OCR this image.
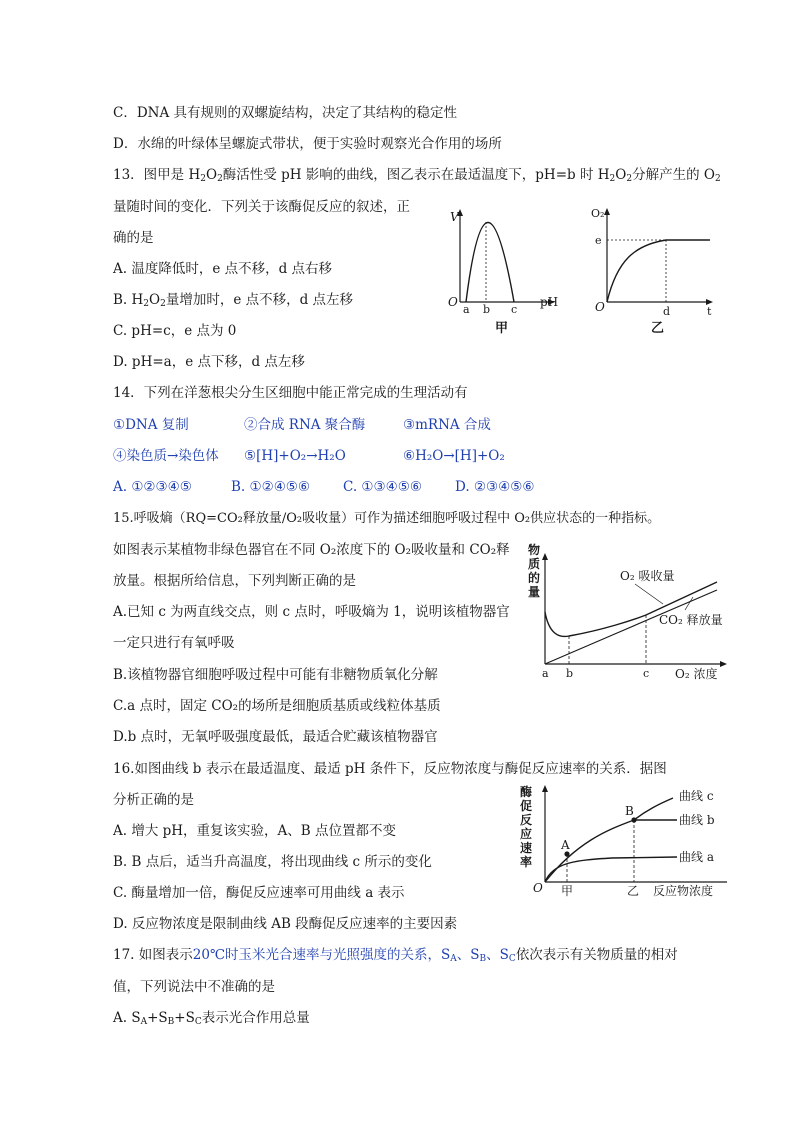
C．DNA 具有规则的双螺旋结构，决定了其结构的稳定性
D．水绵的叶绿体呈螺旋式带状，便于实验时观察光合作用的场所
13．图甲是 $H_2O_2$酶活性受 pH 影响的曲线，图乙表示在最适温度下，pH=b 时 $H_2O_2$分解产生的 $O_2$
量随时间的变化．下列关于该酶促反应的叙述，正
确的是
A. 温度降低时，e 点不移，d 点右移
B. $H_2O_2$量增加时，e 点不移，d 点左移
C. pH=c，e 点为 0
D. pH=a，e 点下移，d 点左移
V
O
a b c
pH
甲
O₂
e
O	d	t
乙
14．下列在洋葱根尖分生区细胞中能正常完成的生理活动有
①DNA 复制	②合成 RNA 聚合酶	③mRNA 合成
④染色质→染色体 ⑤[H]+O₂→H₂O	⑥H₂O→[H]+O₂
A. ①②③④⑤	B. ①②④⑤⑥ C. ①③④⑤⑥ D. ②③④⑤⑥
15.呼吸熵（RQ=CO₂释放量/O₂吸收量）可作为描述细胞呼吸过程中 O₂供应状态的一种指标。
如图表示某植物非绿色器官在不同 O₂浓度下的 O₂吸收量和 CO₂释
放量。根据所给信息，下列判断正确的是
A.已知 c 为两直线交点，则 c 点时，呼吸熵为 1，说明该植物器官
一定只进行有氧呼吸
B.该植物器官细胞呼吸过程中可能有非糖物质氧化分解
C.a 点时，固定 CO₂的场所是细胞质基质或线粒体基质
D.b 点时，无氧呼吸强度最低，最适合贮藏该植物器官
物
质
的
量
O₂ 吸收量
CO₂ 释放量
a b	c O₂ 浓度
16.如图曲线 b 表示在最适温度、最适 pH 条件下，反应物浓度与酶促反应速率的关系．据图
分析正确的是
A. 增大 pH，重复该实验，A、B 点位置都不变
B. B 点后，适当升高温度，将出现曲线 c 所示的变化
C. 酶量增加一倍，酶促反应速率可用曲线 a 表示
D. 反应物浓度是限制曲线 AB 段酶促反应速率的主要因素
酶
促
反
应
速
率
O
A
B
曲线 c
曲线 b
曲线 a
甲	乙 反应物浓度
17. 如图表示20℃时玉米光合速率与光照强度的关系，$S_A$、$S_B$、$S_C$依次表示有关物质量的相对
值，下列说法中不准确的是
A. $S_A+S_B+S_C$表示光合作用总量
